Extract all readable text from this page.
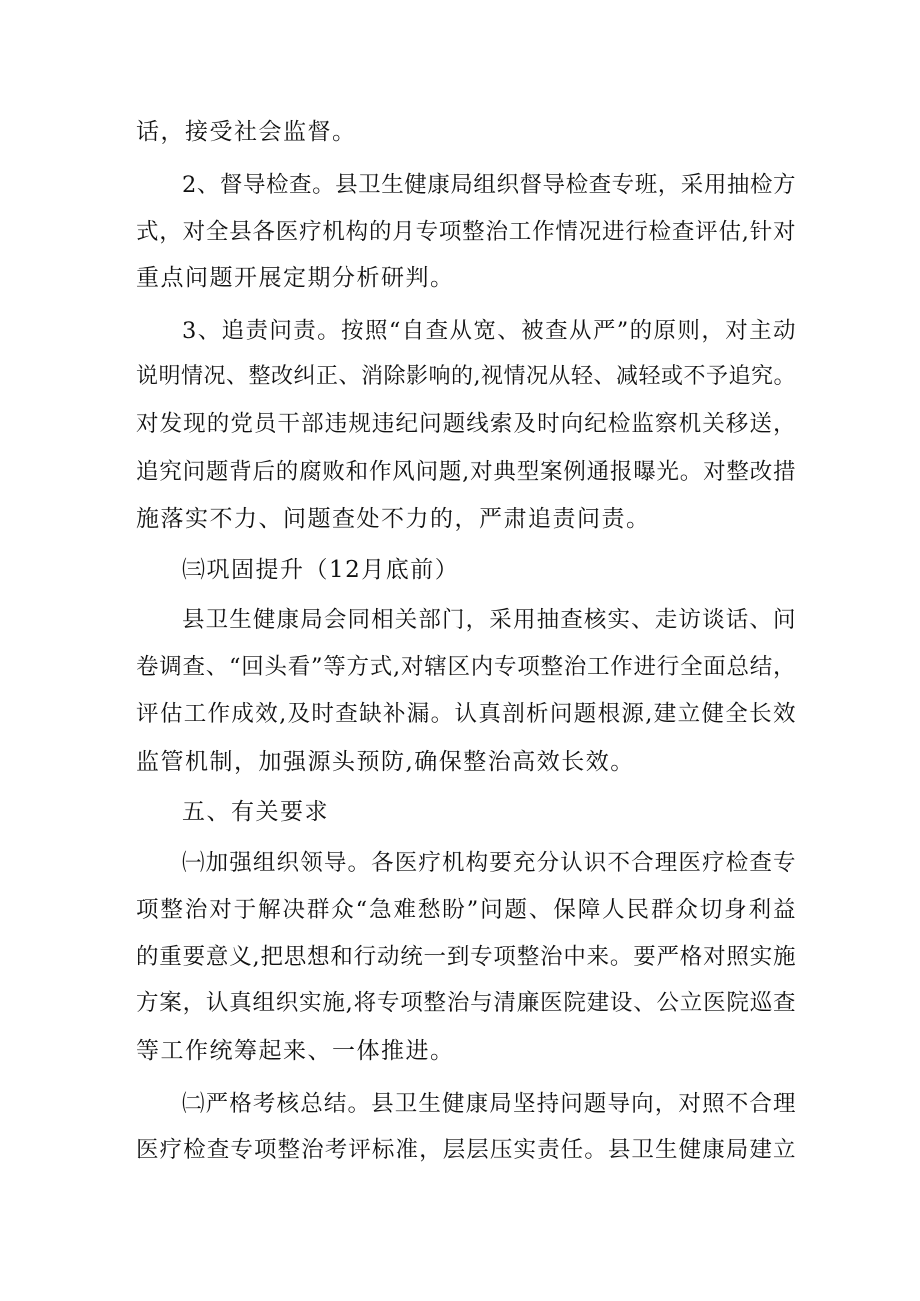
话，接受社会监督。
2、督导检查。县卫生健康局组织督导检查专班，采用抽检方
式，对全县各医疗机构的月专项整治工作情况进行检查评估,针对
重点问题开展定期分析研判。
3、追责问责。按照“自查从宽、被查从严”的原则，对主动
说明情况、整改纠正、消除影响的,视情况从轻、减轻或不予追究。
对发现的党员干部违规违纪问题线索及时向纪检监察机关移送，
追究问题背后的腐败和作风问题,对典型案例通报曝光。对整改措
施落实不力、问题查处不力的，严肃追责问责。
㈢巩固提升（12月底前）
县卫生健康局会同相关部门，采用抽查核实、走访谈话、问
卷调查、“回头看”等方式,对辖区内专项整治工作进行全面总结，
评估工作成效,及时查缺补漏。认真剖析问题根源,建立健全长效
监管机制，加强源头预防,确保整治高效长效。
五、有关要求
㈠加强组织领导。各医疗机构要充分认识不合理医疗检查专
项整治对于解决群众“急难愁盼”问题、保障人民群众切身利益
的重要意义,把思想和行动统一到专项整治中来。要严格对照实施
方案，认真组织实施,将专项整治与清廉医院建设、公立医院巡查
等工作统筹起来、一体推进。
㈡严格考核总结。县卫生健康局坚持问题导向，对照不合理
医疗检查专项整治考评标准，层层压实责任。县卫生健康局建立
